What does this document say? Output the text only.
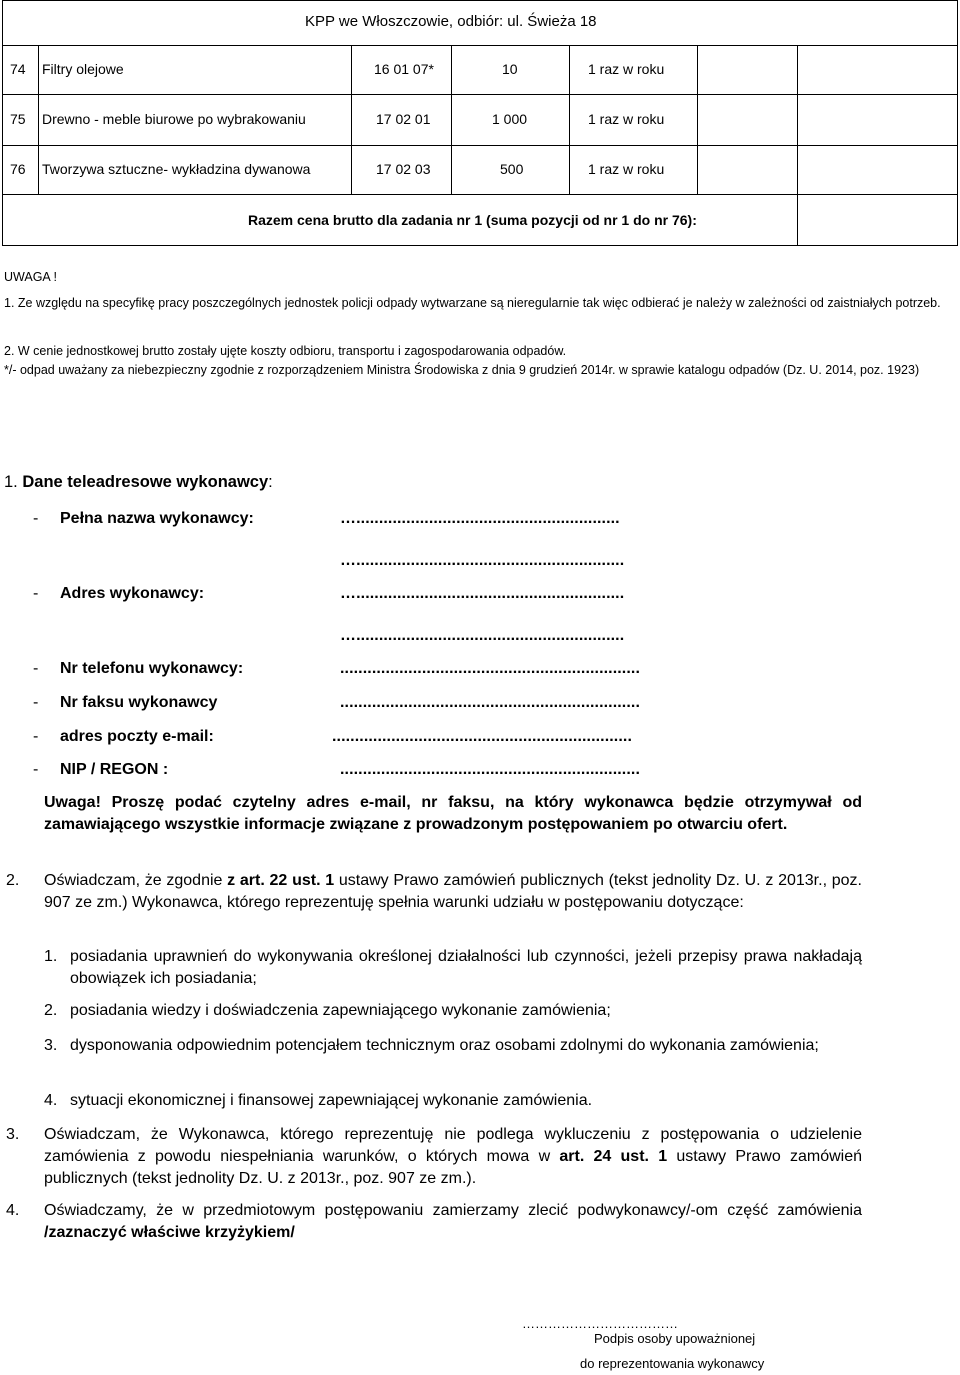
KPP we Włoszczowie, odbiór: ul. Świeża 18
74 Filtry olejowe	16 01 07*	10	1 raz w roku
75 Drewno - meble biurowe po wybrakowaniu	17 02 01	1 000	1 raz w roku
76 Tworzywa sztuczne- wykładzina dywanowa	17 02 03	500	1 raz w roku
Razem cena brutto dla zadania nr 1 (suma pozycji od nr 1 do nr 76):
UWAGA !
1. Ze względu na specyfikę pracy poszczególnych jednostek policji odpady wytwarzane są nieregularnie tak więc odbierać je należy w zależności od zaistniałych potrzeb.
2. W cenie jednostkowej brutto zostały ujęte koszty odbioru, transportu i zagospodarowania odpadów.
*/- odpad uważany za niebezpieczny zgodnie z rozporządzeniem Ministra Środowiska z dnia 9 grudzień 2014r. w sprawie katalogu odpadów (Dz. U. 2014, poz. 1923)
1. Dane teleadresowe wykonawcy:
- Pełna nazwa wykonawcy:	…..........................................................
…...........................................................
- Adres wykonawcy:	…...........................................................
…...........................................................
- Nr telefonu wykonawcy:	..................................................................
- Nr faksu wykonawcy	..................................................................
- adres poczty e-mail:	..................................................................
- NIP / REGON :	..................................................................
Uwaga! Proszę podać czytelny adres e-mail, nr faksu, na który wykonawca będzie otrzymywał od zamawiającego wszystkie informacje związane z prowadzonym postępowaniem po otwarciu ofert.
2. Oświadczam, że zgodnie z art. 22 ust. 1 ustawy Prawo zamówień publicznych (tekst jednolity Dz. U. z 2013r., poz. 907 ze zm.) Wykonawca, którego reprezentuję spełnia warunki udziału w postępowaniu dotyczące:
1. posiadania uprawnień do wykonywania określonej działalności lub czynności, jeżeli przepisy prawa nakładają obowiązek ich posiadania;
2. posiadania wiedzy i doświadczenia zapewniającego wykonanie zamówienia;
3. dysponowania odpowiednim potencjałem technicznym oraz osobami zdolnymi do wykonania zamówienia;
4. sytuacji ekonomicznej i finansowej zapewniającej wykonanie zamówienia.
3. Oświadczam, że Wykonawca, którego reprezentuję nie podlega wykluczeniu z postępowania o udzielenie zamówienia z powodu niespełniania warunków, o których mowa w art. 24 ust. 1 ustawy Prawo zamówień publicznych (tekst jednolity Dz. U. z 2013r., poz. 907 ze zm.).
4. Oświadczamy, że w przedmiotowym postępowaniu zamierzamy zlecić podwykonawcy/-om część zamówienia /zaznaczyć właściwe krzyżykiem/
………………………………
Podpis osoby upoważnionej
do reprezentowania wykonawcy
